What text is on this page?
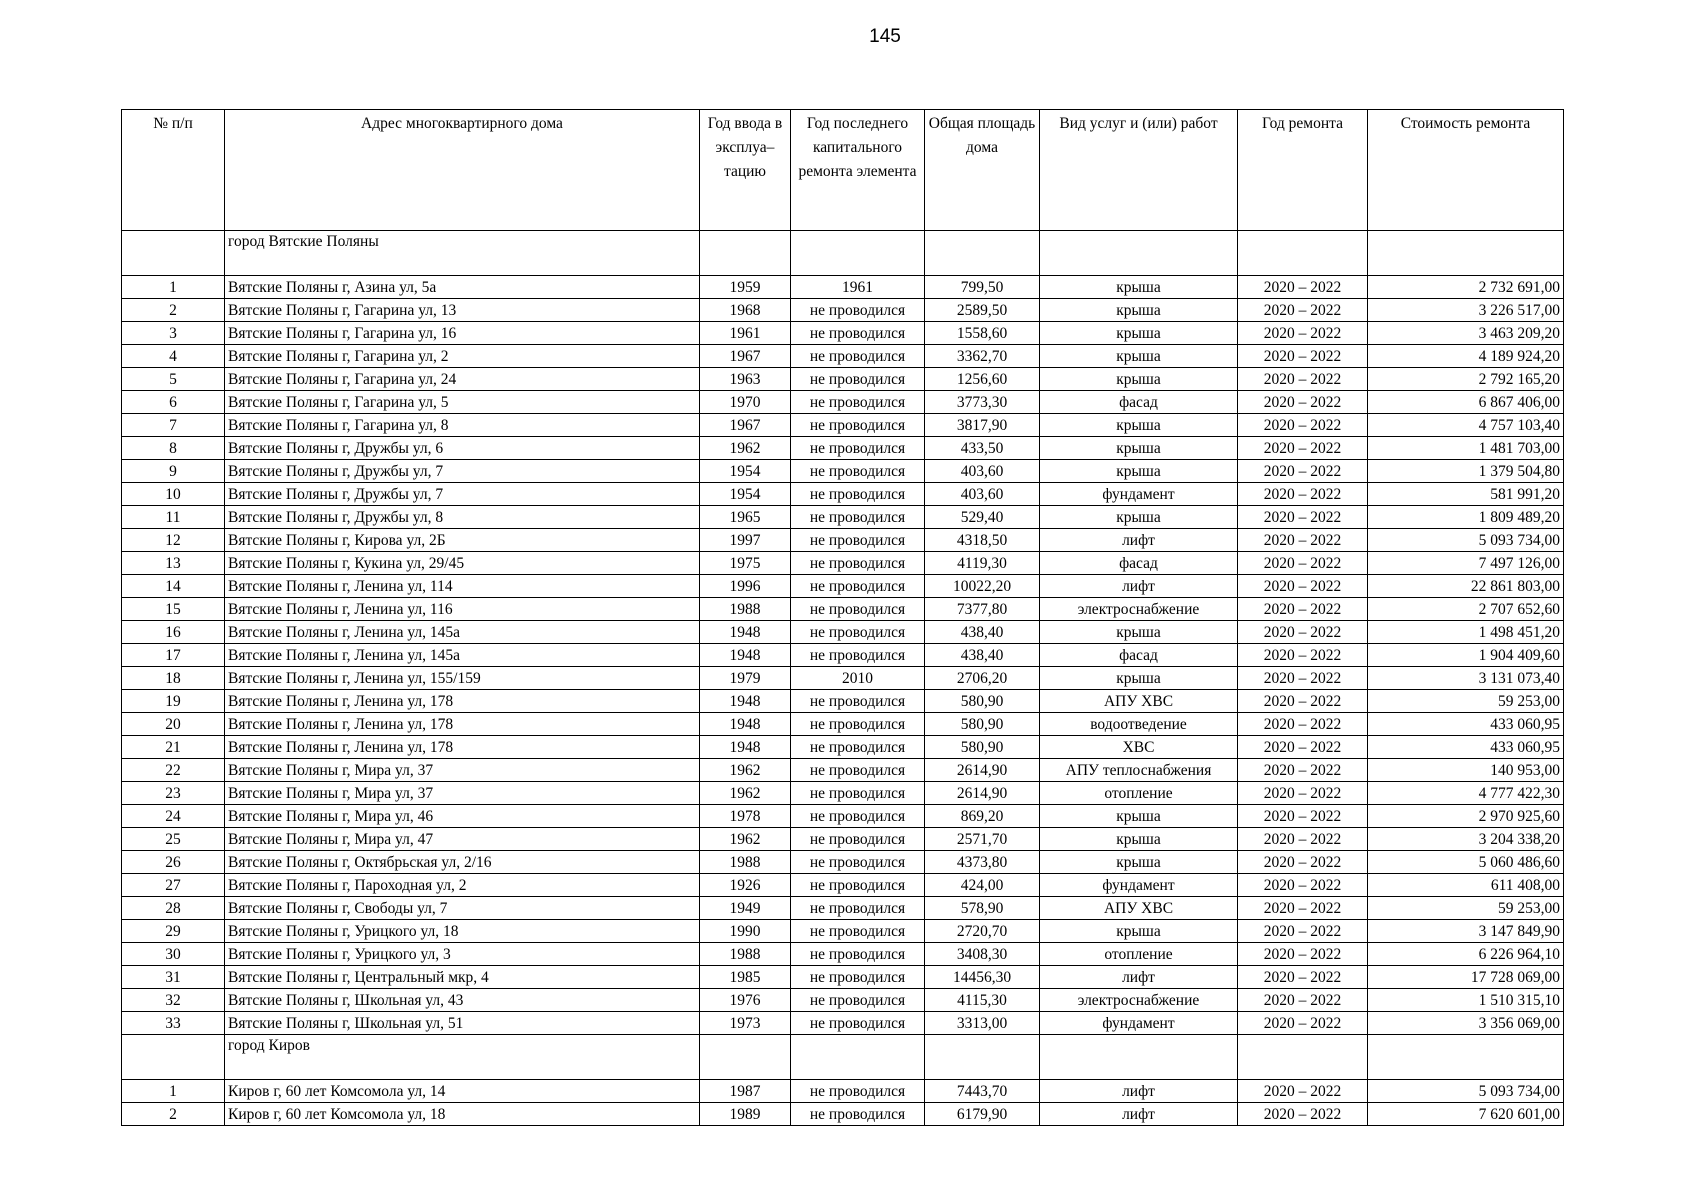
145
№ п/п	Адрес многоквартирного дома	Год ввода в эксплуа–тацию	Год последнего капитального ремонта элемента	Общая площадь дома	Вид услуг и (или) работ	Год ремонта	Стоимость ремонта
	город Вятские Поляны						
1	Вятские Поляны г, Азина ул, 5а	1959	1961	799,50	крыша	2020 – 2022	2 732 691,00
2	Вятские Поляны г, Гагарина ул, 13	1968	не проводился	2589,50	крыша	2020 – 2022	3 226 517,00
3	Вятские Поляны г, Гагарина ул, 16	1961	не проводился	1558,60	крыша	2020 – 2022	3 463 209,20
4	Вятские Поляны г, Гагарина ул, 2	1967	не проводился	3362,70	крыша	2020 – 2022	4 189 924,20
5	Вятские Поляны г, Гагарина ул, 24	1963	не проводился	1256,60	крыша	2020 – 2022	2 792 165,20
6	Вятские Поляны г, Гагарина ул, 5	1970	не проводился	3773,30	фасад	2020 – 2022	6 867 406,00
7	Вятские Поляны г, Гагарина ул, 8	1967	не проводился	3817,90	крыша	2020 – 2022	4 757 103,40
8	Вятские Поляны г, Дружбы ул, 6	1962	не проводился	433,50	крыша	2020 – 2022	1 481 703,00
9	Вятские Поляны г, Дружбы ул, 7	1954	не проводился	403,60	крыша	2020 – 2022	1 379 504,80
10	Вятские Поляны г, Дружбы ул, 7	1954	не проводился	403,60	фундамент	2020 – 2022	581 991,20
11	Вятские Поляны г, Дружбы ул, 8	1965	не проводился	529,40	крыша	2020 – 2022	1 809 489,20
12	Вятские Поляны г, Кирова ул, 2Б	1997	не проводился	4318,50	лифт	2020 – 2022	5 093 734,00
13	Вятские Поляны г, Кукина ул, 29/45	1975	не проводился	4119,30	фасад	2020 – 2022	7 497 126,00
14	Вятские Поляны г, Ленина ул, 114	1996	не проводился	10022,20	лифт	2020 – 2022	22 861 803,00
15	Вятские Поляны г, Ленина ул, 116	1988	не проводился	7377,80	электроснабжение	2020 – 2022	2 707 652,60
16	Вятские Поляны г, Ленина ул, 145а	1948	не проводился	438,40	крыша	2020 – 2022	1 498 451,20
17	Вятские Поляны г, Ленина ул, 145а	1948	не проводился	438,40	фасад	2020 – 2022	1 904 409,60
18	Вятские Поляны г, Ленина ул, 155/159	1979	2010	2706,20	крыша	2020 – 2022	3 131 073,40
19	Вятские Поляны г, Ленина ул, 178	1948	не проводился	580,90	АПУ ХВС	2020 – 2022	59 253,00
20	Вятские Поляны г, Ленина ул, 178	1948	не проводился	580,90	водоотведение	2020 – 2022	433 060,95
21	Вятские Поляны г, Ленина ул, 178	1948	не проводился	580,90	ХВС	2020 – 2022	433 060,95
22	Вятские Поляны г, Мира ул, 37	1962	не проводился	2614,90	АПУ теплоснабжения	2020 – 2022	140 953,00
23	Вятские Поляны г, Мира ул, 37	1962	не проводился	2614,90	отопление	2020 – 2022	4 777 422,30
24	Вятские Поляны г, Мира ул, 46	1978	не проводился	869,20	крыша	2020 – 2022	2 970 925,60
25	Вятские Поляны г, Мира ул, 47	1962	не проводился	2571,70	крыша	2020 – 2022	3 204 338,20
26	Вятские Поляны г, Октябрьская ул, 2/16	1988	не проводился	4373,80	крыша	2020 – 2022	5 060 486,60
27	Вятские Поляны г, Пароходная ул, 2	1926	не проводился	424,00	фундамент	2020 – 2022	611 408,00
28	Вятские Поляны г, Свободы ул, 7	1949	не проводился	578,90	АПУ ХВС	2020 – 2022	59 253,00
29	Вятские Поляны г, Урицкого ул, 18	1990	не проводился	2720,70	крыша	2020 – 2022	3 147 849,90
30	Вятские Поляны г, Урицкого ул, 3	1988	не проводился	3408,30	отопление	2020 – 2022	6 226 964,10
31	Вятские Поляны г, Центральный мкр, 4	1985	не проводился	14456,30	лифт	2020 – 2022	17 728 069,00
32	Вятские Поляны г, Школьная ул, 43	1976	не проводился	4115,30	электроснабжение	2020 – 2022	1 510 315,10
33	Вятские Поляны г, Школьная ул, 51	1973	не проводился	3313,00	фундамент	2020 – 2022	3 356 069,00
	город Киров						
1	Киров г, 60 лет Комсомола ул, 14	1987	не проводился	7443,70	лифт	2020 – 2022	5 093 734,00
2	Киров г, 60 лет Комсомола ул, 18	1989	не проводился	6179,90	лифт	2020 – 2022	7 620 601,00
